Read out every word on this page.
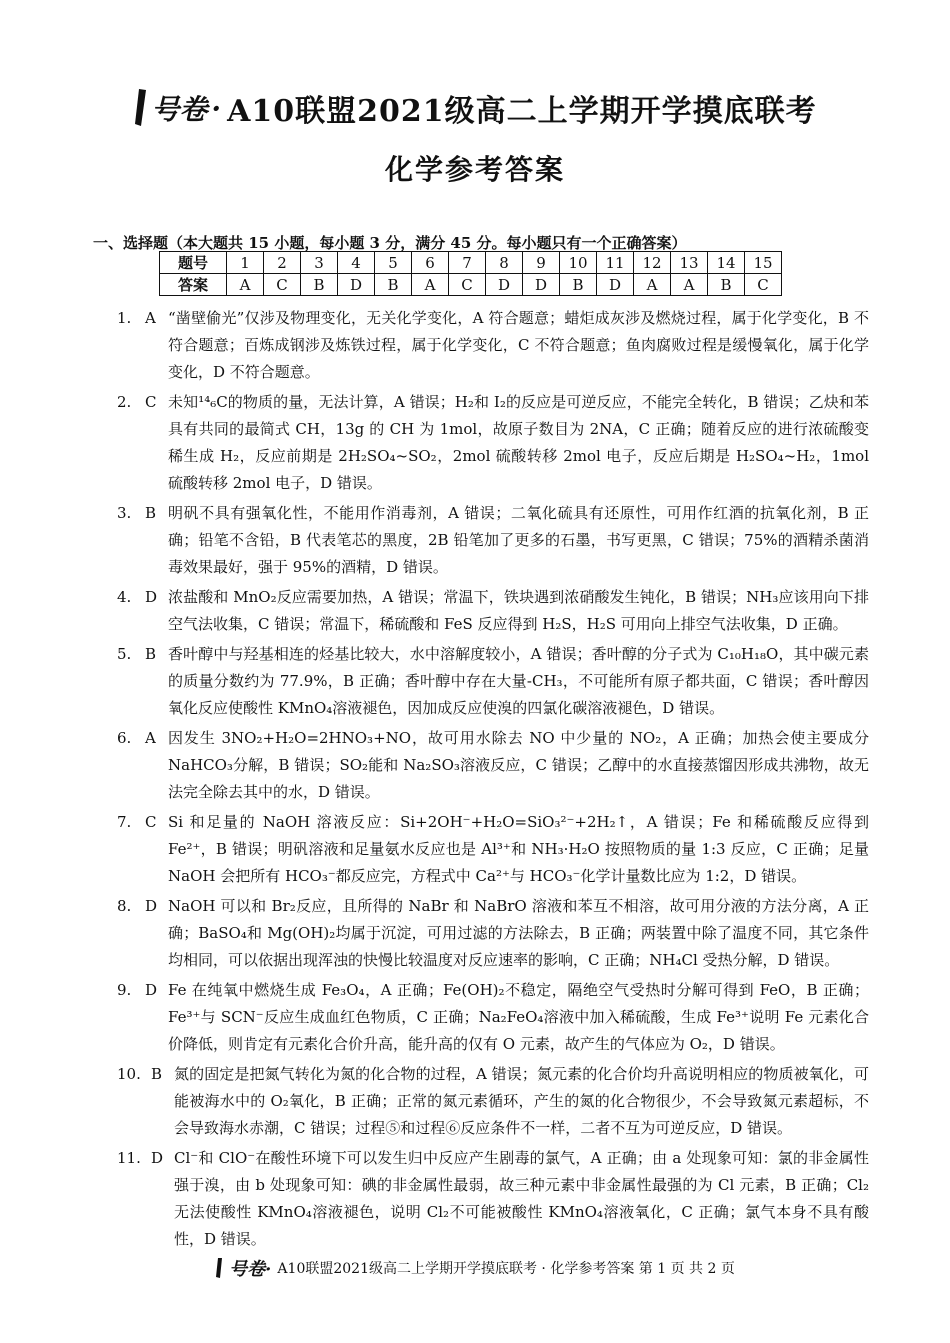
号卷 · A10联盟2021级高二上学期开学摸底联考
化学参考答案
一、选择题（本大题共 15 小题，每小题 3 分，满分 45 分。每小题只有一个正确答案）
题号	1	2	3	4	5	6	7	8	9	10	11	12	13	14	15
答案	A	C	B	D	B	A	C	D	D	B	D	A	A	B	C
1. A “凿壁偷光”仅涉及物理变化，无关化学变化，A 符合题意；蜡炬成灰涉及燃烧过程，属于化学变化，B 不符合题意；百炼成钢涉及炼铁过程，属于化学变化，C 不符合题意；鱼肉腐败过程是缓慢氧化，属于化学变化，D 不符合题意。
2. C 未知¹⁴₆C的物质的量，无法计算，A 错误；H₂和 I₂的反应是可逆反应，不能完全转化，B 错误；乙炔和苯具有共同的最简式 CH，13g 的 CH 为 1mol，故原子数目为 2NA，C 正确；随着反应的进行浓硫酸变稀生成 H₂，反应前期是 2H₂SO₄~SO₂，2mol 硫酸转移 2mol 电子，反应后期是 H₂SO₄~H₂，1mol 硫酸转移 2mol 电子，D 错误。
3. B 明矾不具有强氧化性，不能用作消毒剂，A 错误；二氧化硫具有还原性，可用作红酒的抗氧化剂，B 正确；铅笔不含铅，B 代表笔芯的黑度，2B 铅笔加了更多的石墨，书写更黑，C 错误；75%的酒精杀菌消毒效果最好，强于 95%的酒精，D 错误。
4. D 浓盐酸和 MnO₂反应需要加热，A 错误；常温下，铁块遇到浓硝酸发生钝化，B 错误；NH₃应该用向下排空气法收集，C 错误；常温下，稀硫酸和 FeS 反应得到 H₂S，H₂S 可用向上排空气法收集，D 正确。
5. B 香叶醇中与羟基相连的烃基比较大，水中溶解度较小，A 错误；香叶醇的分子式为 C₁₀H₁₈O，其中碳元素的质量分数约为 77.9%，B 正确；香叶醇中存在大量-CH₃，不可能所有原子都共面，C 错误；香叶醇因氧化反应使酸性 KMnO₄溶液褪色，因加成反应使溴的四氯化碳溶液褪色，D 错误。
6. A 因发生 3NO₂+H₂O=2HNO₃+NO，故可用水除去 NO 中少量的 NO₂，A 正确；加热会使主要成分 NaHCO₃分解，B 错误；SO₂能和 Na₂SO₃溶液反应，C 错误；乙醇中的水直接蒸馏因形成共沸物，故无法完全除去其中的水，D 错误。
7. C Si 和足量的 NaOH 溶液反应：Si+2OH⁻+H₂O=SiO₃²⁻+2H₂↑，A 错误；Fe 和稀硫酸反应得到 Fe²⁺，B 错误；明矾溶液和足量氨水反应也是 Al³⁺和 NH₃·H₂O 按照物质的量 1:3 反应，C 正确；足量 NaOH 会把所有 HCO₃⁻都反应完，方程式中 Ca²⁺与 HCO₃⁻化学计量数比应为 1:2，D 错误。
8. D NaOH 可以和 Br₂反应，且所得的 NaBr 和 NaBrO 溶液和苯互不相溶，故可用分液的方法分离，A 正确；BaSO₄和 Mg(OH)₂均属于沉淀，可用过滤的方法除去，B 正确；两装置中除了温度不同，其它条件均相同，可以依据出现浑浊的快慢比较温度对反应速率的影响，C 正确；NH₄Cl 受热分解，D 错误。
9. D Fe 在纯氧中燃烧生成 Fe₃O₄，A 正确；Fe(OH)₂不稳定，隔绝空气受热时分解可得到 FeO，B 正确；Fe³⁺与 SCN⁻反应生成血红色物质，C 正确；Na₂FeO₄溶液中加入稀硫酸，生成 Fe³⁺说明 Fe 元素化合价降低，则肯定有元素化合价升高，能升高的仅有 O 元素，故产生的气体应为 O₂，D 错误。
10. B 氮的固定是把氮气转化为氮的化合物的过程，A 错误；氮元素的化合价均升高说明相应的物质被氧化，可能被海水中的 O₂氧化，B 正确；正常的氮元素循环，产生的氮的化合物很少，不会导致氮元素超标，不会导致海水赤潮，C 错误；过程⑤和过程⑥反应条件不一样，二者不互为可逆反应，D 错误。
11. D Cl⁻和 ClO⁻在酸性环境下可以发生归中反应产生剧毒的氯气，A 正确；由 a 处现象可知：氯的非金属性强于溴，由 b 处现象可知：碘的非金属性最弱，故三种元素中非金属性最强的为 Cl 元素，B 正确；Cl₂无法使酸性 KMnO₄溶液褪色，说明 Cl₂不可能被酸性 KMnO₄溶液氧化，C 正确；氯气本身不具有酸性，D 错误。
号卷· A10联盟2021级高二上学期开学摸底联考 · 化学参考答案 第 1 页 共 2 页
